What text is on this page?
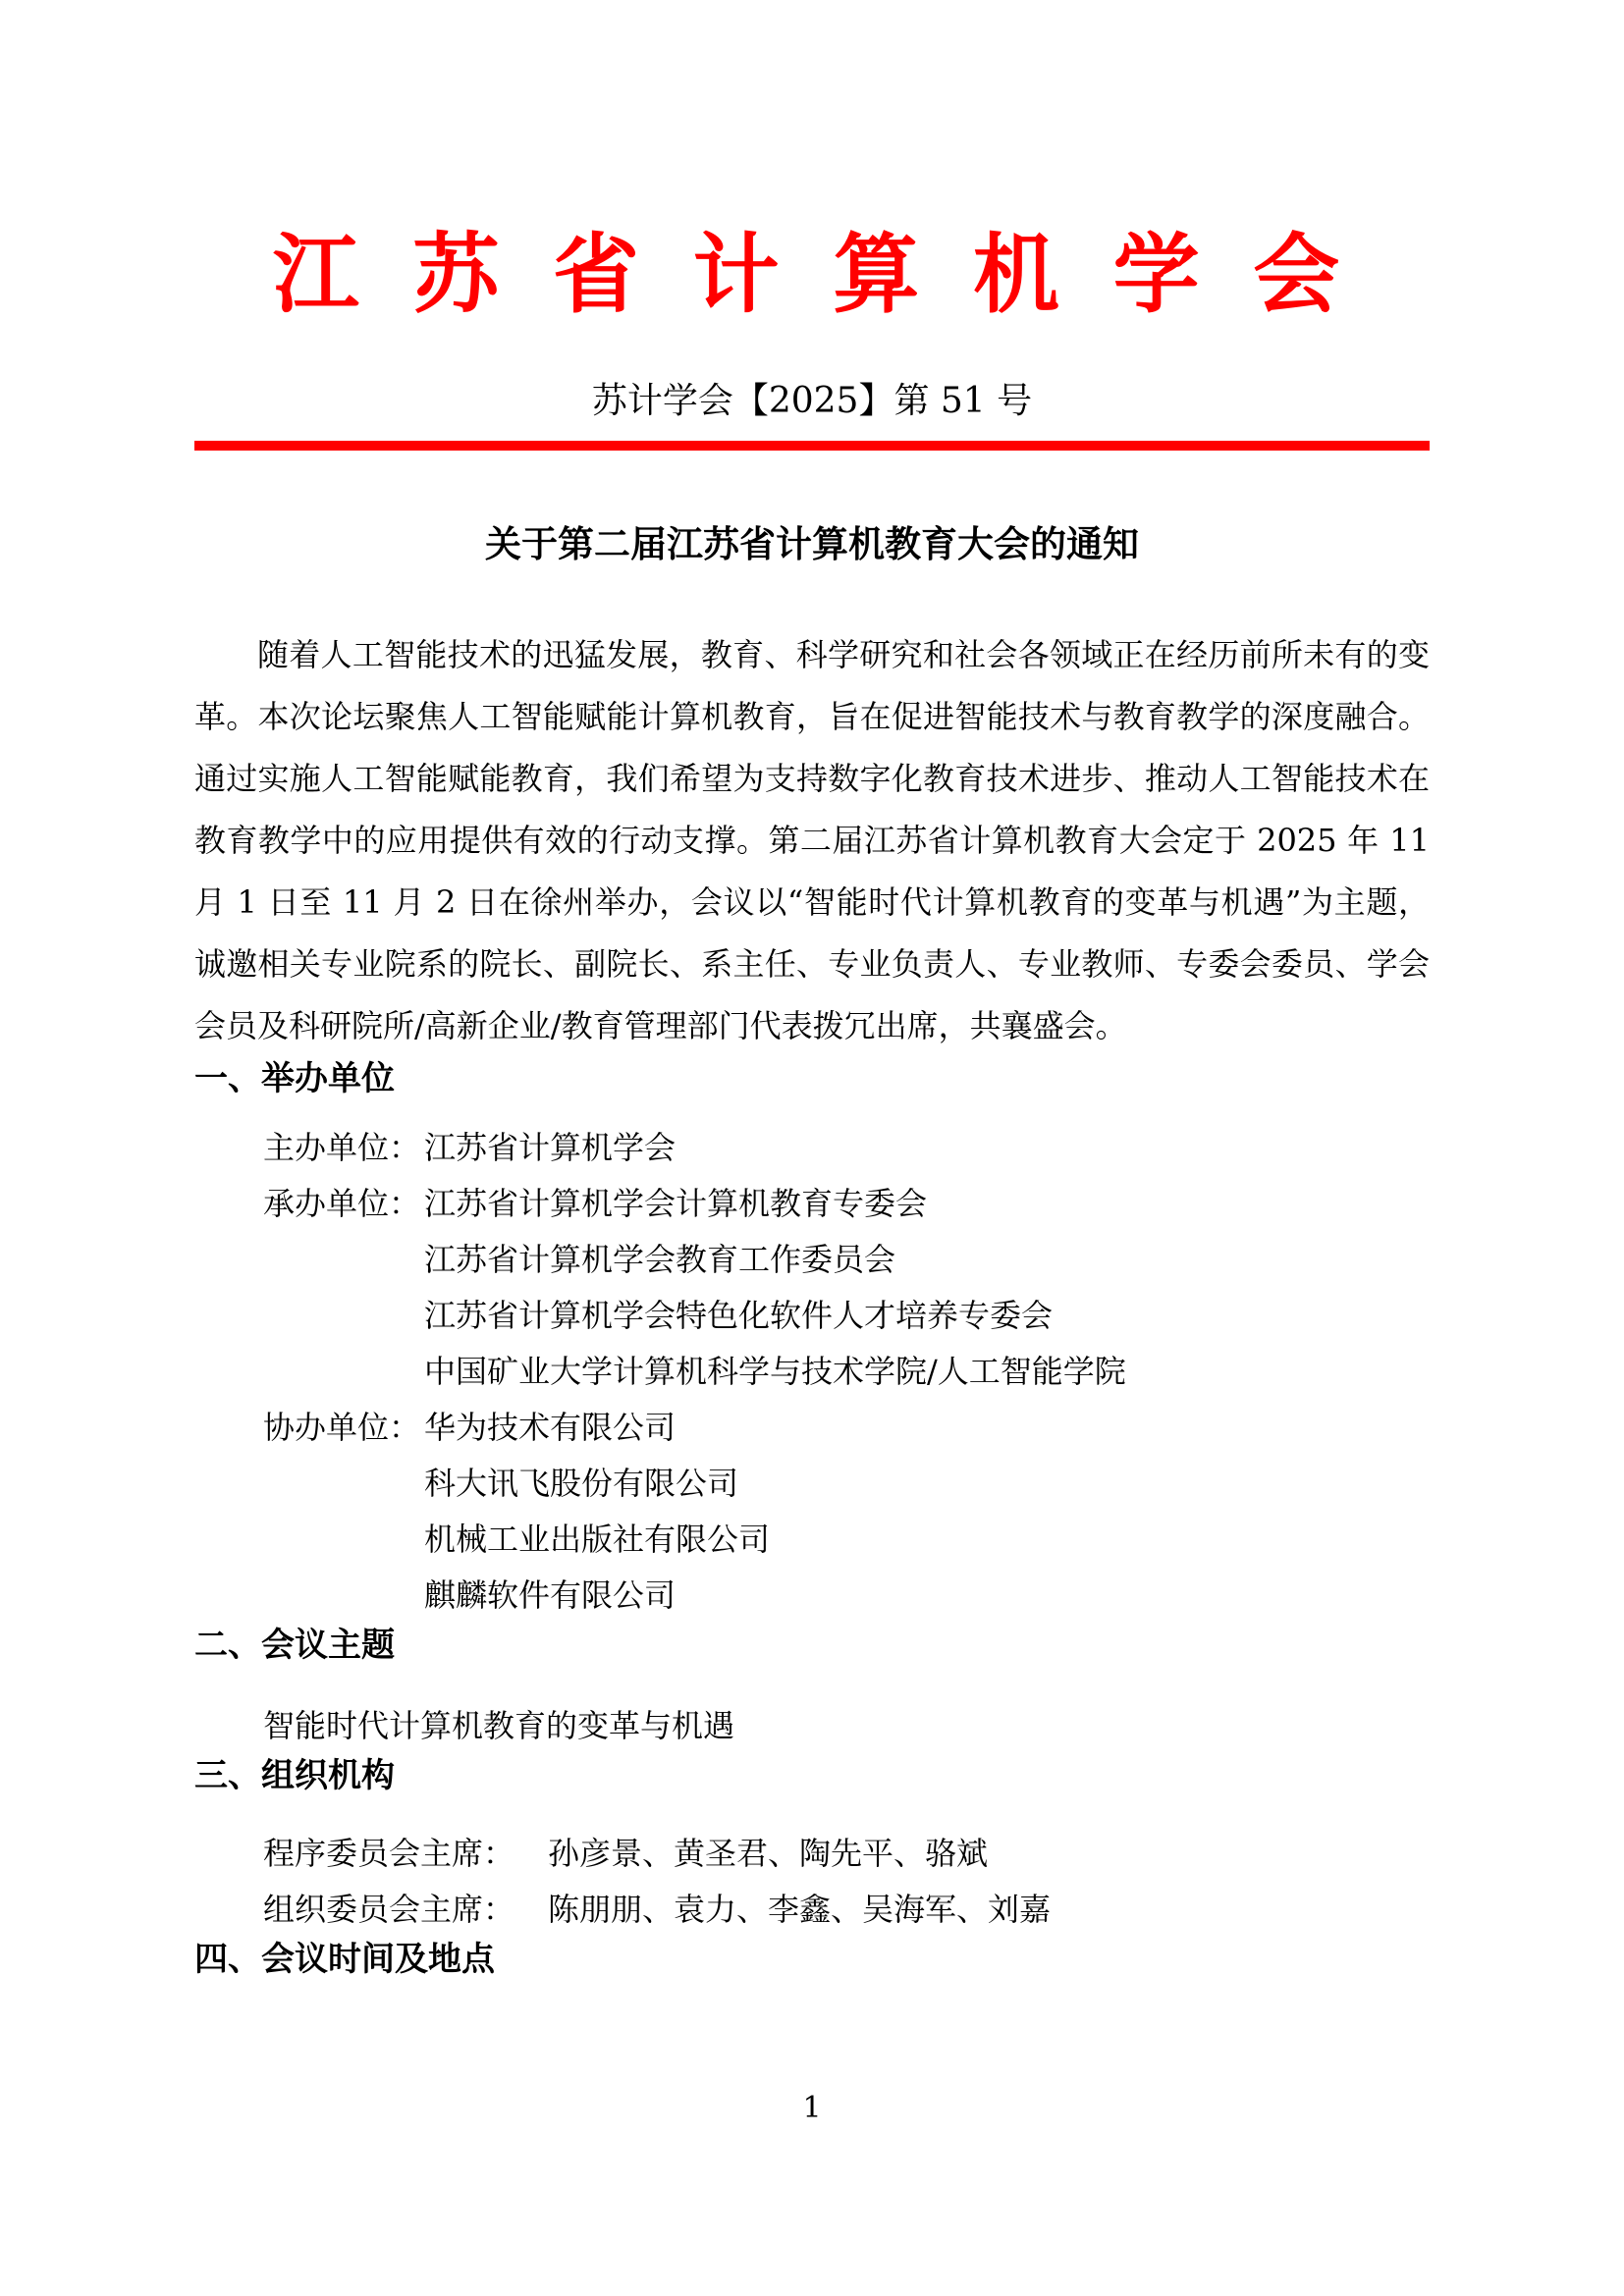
江 苏 省 计 算 机 学 会
苏计学会【2025】第 51 号
关于第二届江苏省计算机教育大会的通知

随着人工智能技术的迅猛发展，教育、科学研究和社会各领域正在经历前所未有的变革。本次论坛聚焦人工智能赋能计算机教育，旨在促进智能技术与教育教学的深度融合。通过实施人工智能赋能教育，我们希望为支持数字化教育技术进步、推动人工智能技术在教育教学中的应用提供有效的行动支撑。第二届江苏省计算机教育大会定于 2025 年 11 月 1 日至 11 月 2 日在徐州举办，会议以“智能时代计算机教育的变革与机遇”为主题，诚邀相关专业院系的院长、副院长、系主任、专业负责人、专业教师、专委会委员、学会会员及科研院所/高新企业/教育管理部门代表拨冗出席，共襄盛会。

一、举办单位
主办单位： 江苏省计算机学会
承办单位： 江苏省计算机学会计算机教育专委会
江苏省计算机学会教育工作委员会
江苏省计算机学会特色化软件人才培养专委会
中国矿业大学计算机科学与技术学院/人工智能学院
协办单位： 华为技术有限公司
科大讯飞股份有限公司
机械工业出版社有限公司
麒麟软件有限公司
二、会议主题
智能时代计算机教育的变革与机遇
三、组织机构
程序委员会主席： 孙彦景、黄圣君、陶先平、骆斌
组织委员会主席： 陈朋朋、袁力、李鑫、吴海军、刘嘉
四、会议时间及地点
1
